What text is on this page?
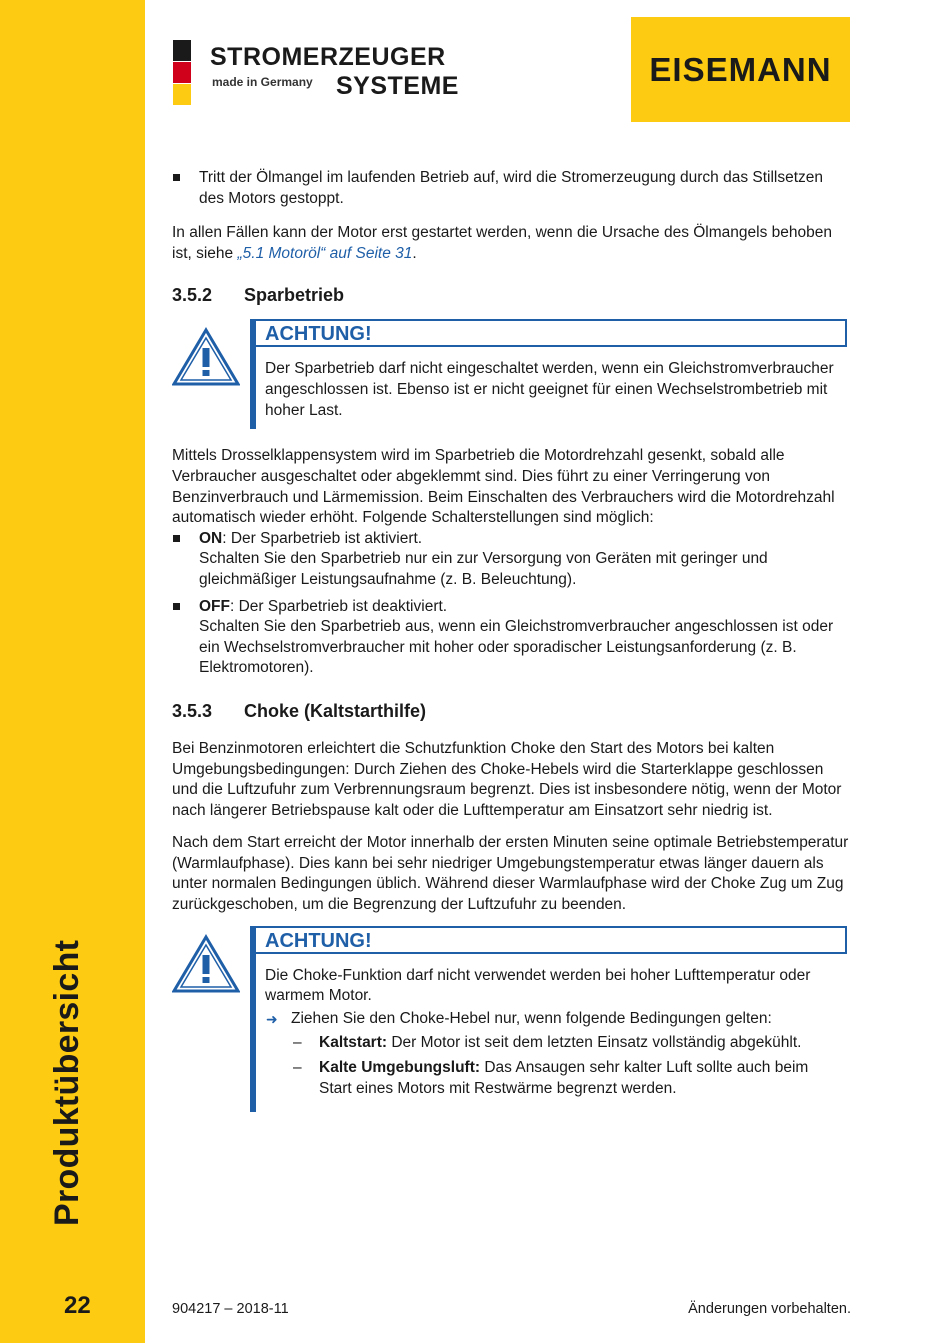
Produktübersicht
22
STROMERZEUGER
made in Germany SYSTEME	EISEMANN
Tritt der Ölmangel im laufenden Betrieb auf, wird die Stromerzeugung durch das Stillsetzen des Motors gestoppt.

In allen Fällen kann der Motor erst gestartet werden, wenn die Ursache des Ölmangels behoben ist, siehe „5.1 Motoröl“ auf Seite 31.

3.5.2 Sparbetrieb
ACHTUNG!
Der Sparbetrieb darf nicht eingeschaltet werden, wenn ein Gleichstromverbraucher angeschlossen ist. Ebenso ist er nicht geeignet für einen Wechselstrombetrieb mit hoher Last.

Mittels Drosselklappensystem wird im Sparbetrieb die Motordrehzahl gesenkt, sobald alle Verbraucher ausgeschaltet oder abgeklemmt sind. Dies führt zu einer Verringerung von Benzinverbrauch und Lärmemission. Beim Einschalten des Verbrauchers wird die Motordrehzahl automatisch wieder erhöht. Folgende Schalterstellungen sind möglich:

ON: Der Sparbetrieb ist aktiviert.
Schalten Sie den Sparbetrieb nur ein zur Versorgung von Geräten mit geringer und gleichmäßiger Leistungsaufnahme (z. B. Beleuchtung).
OFF: Der Sparbetrieb ist deaktiviert.
Schalten Sie den Sparbetrieb aus, wenn ein Gleichstromverbraucher angeschlossen ist oder ein Wechselstromverbraucher mit hoher oder sporadischer Leistungsanforderung (z. B. Elektromotoren).
3.5.3 Choke (Kaltstarthilfe)

Bei Benzinmotoren erleichtert die Schutzfunktion Choke den Start des Motors bei kalten Umgebungsbedingungen: Durch Ziehen des Choke-Hebels wird die Starterklappe geschlossen und die Luftzufuhr zum Verbrennungsraum begrenzt. Dies ist insbesondere nötig, wenn der Motor nach längerer Betriebspause kalt oder die Lufttemperatur am Einsatzort sehr niedrig ist.

Nach dem Start erreicht der Motor innerhalb der ersten Minuten seine optimale Betriebstemperatur (Warmlaufphase). Dies kann bei sehr niedriger Umgebungstemperatur etwas länger dauern als unter normalen Bedingungen üblich. Während dieser Warmlaufphase wird der Choke Zug um Zug zurückgeschoben, um die Begrenzung der Luftzufuhr zu beenden.

ACHTUNG!

Die Choke-Funktion darf nicht verwendet werden bei hoher Lufttemperatur oder warmem Motor.

➜ Ziehen Sie den Choke-Hebel nur, wenn folgende Bedingungen gelten:
– Kaltstart: Der Motor ist seit dem letzten Einsatz vollständig abgekühlt.
– Kalte Umgebungsluft: Das Ansaugen sehr kalter Luft sollte auch beim Start eines Motors mit Restwärme begrenzt werden.
904217 – 2018-11	Änderungen vorbehalten.
